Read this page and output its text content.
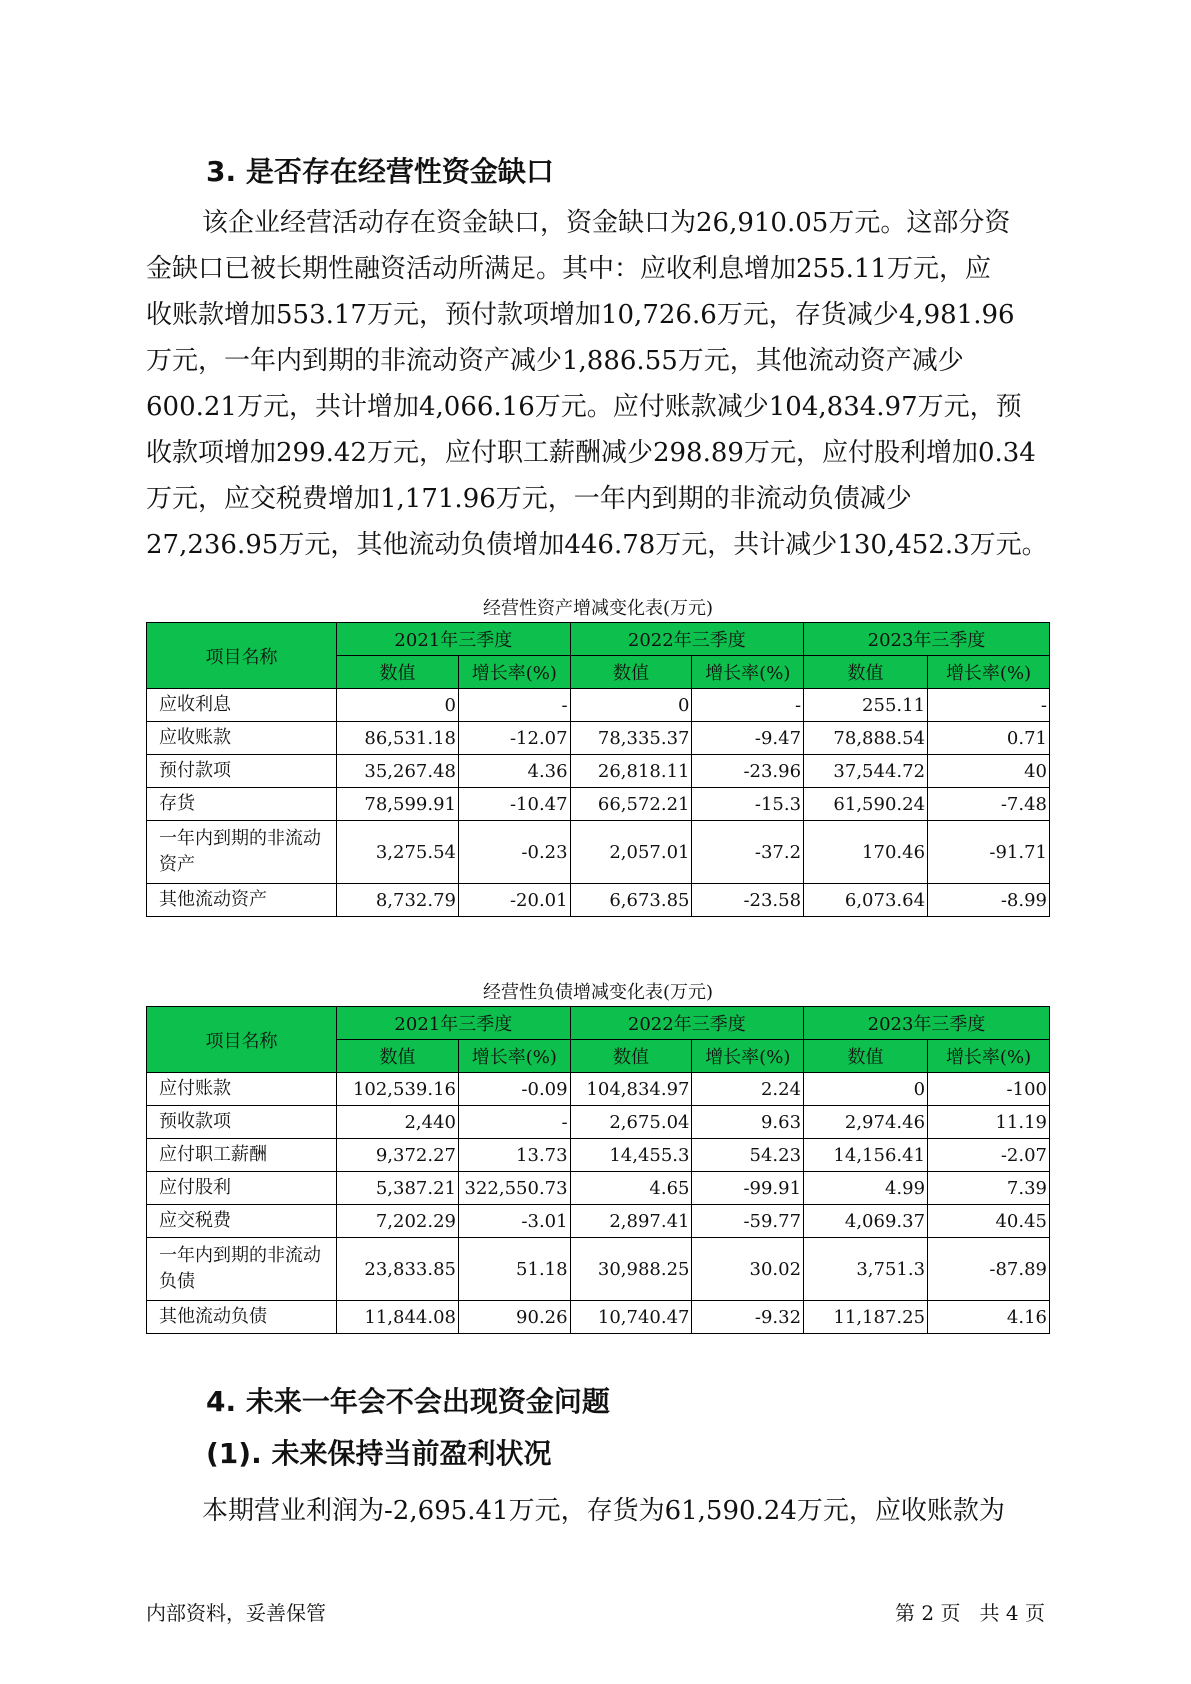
3. 是否存在经营性资金缺口

该企业经营活动存在资金缺口，资金缺口为26,910.05万元。这部分资
金缺口已被长期性融资活动所满足。其中：应收利息增加255.11万元，应
收账款增加553.17万元，预付款项增加10,726.6万元，存货减少4,981.96
万元，一年内到期的非流动资产减少1,886.55万元，其他流动资产减少
600.21万元，共计增加4,066.16万元。应付账款减少104,834.97万元，预
收款项增加299.42万元，应付职工薪酬减少298.89万元，应付股利增加0.34
万元，应交税费增加1,171.96万元，一年内到期的非流动负债减少
27,236.95万元，其他流动负债增加446.78万元，共计减少130,452.3万元。

经营性资产增减变化表(万元)
项目名称	2021年三季度		2022年三季度		2023年三季度	
	数值	增长率(%)	数值	增长率(%)	数值	增长率(%)
应收利息	0	-	0	-	255.11	-
应收账款	86,531.18	-12.07	78,335.37	-9.47	78,888.54	0.71
预付款项	35,267.48	4.36	26,818.11	-23.96	37,544.72	40
存货	78,599.91	-10.47	66,572.21	-15.3	61,590.24	-7.48
一年内到期的非流动资产	3,275.54	-0.23	2,057.01	-37.2	170.46	-91.71
其他流动资产	8,732.79	-20.01	6,673.85	-23.58	6,073.64	-8.99
经营性负债增减变化表(万元)
项目名称	2021年三季度		2022年三季度		2023年三季度	
	数值	增长率(%)	数值	增长率(%)	数值	增长率(%)
应付账款	102,539.16	-0.09	104,834.97	2.24	0	-100
预收款项	2,440	-	2,675.04	9.63	2,974.46	11.19
应付职工薪酬	9,372.27	13.73	14,455.3	54.23	14,156.41	-2.07
应付股利	5,387.21	322,550.73	4.65	-99.91	4.99	7.39
应交税费	7,202.29	-3.01	2,897.41	-59.77	4,069.37	40.45
一年内到期的非流动负债	23,833.85	51.18	30,988.25	30.02	3,751.3	-87.89
其他流动负债	11,844.08	90.26	10,740.47	-9.32	11,187.25	4.16
4. 未来一年会不会出现资金问题
(1). 未来保持当前盈利状况

本期营业利润为-2,695.41万元，存货为61,590.24万元，应收账款为

内部资料，妥善保管	第 2 页   共 4 页
